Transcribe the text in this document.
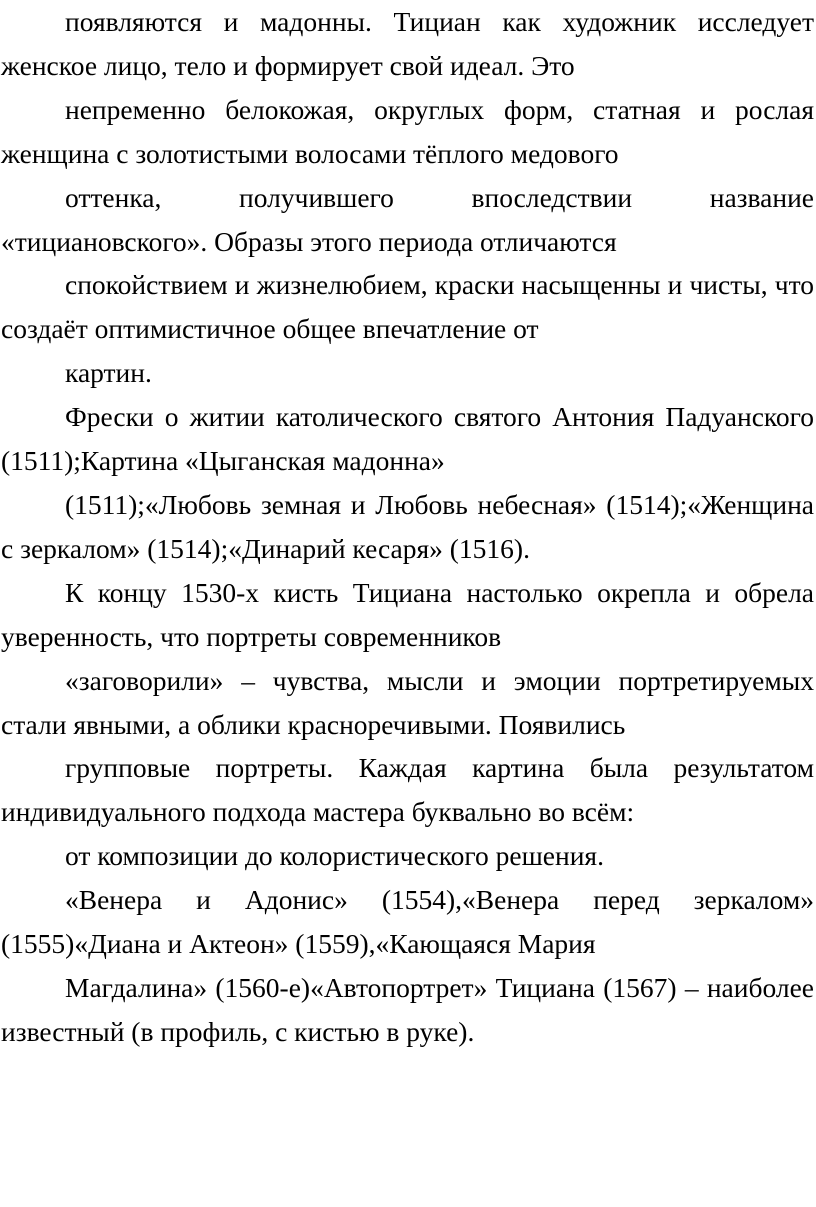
появляются и мадонны. Тициан как художник исследует женское лицо, тело и формирует свой идеал. Это

непременно белокожая, округлых форм, статная и рослая женщина с золотистыми волосами тёплого медового

оттенка, получившего впоследствии название «тициановского». Образы этого периода отличаются

спокойствием и жизнелюбием, краски насыщенны и чисты, что создаёт оптимистичное общее впечатление от

картин.

Фрески о житии католического святого Антония Падуанского (1511);Картина «Цыганская мадонна»

(1511);«Любовь земная и Любовь небесная» (1514);«Женщина с зеркалом» (1514);«Динарий кесаря» (1516).

К концу 1530-х кисть Тициана настолько окрепла и обрела уверенность, что портреты современников

«заговорили» – чувства, мысли и эмоции портретируемых стали явными, а облики красноречивыми. Появились

групповые портреты. Каждая картина была результатом индивидуального подхода мастера буквально во всём:

от композиции до колористического решения.

«Венера и Адонис» (1554),«Венера перед зеркалом» (1555)«Диана и Актеон» (1559),«Кающаяся Мария

Магдалина» (1560-е)«Автопортрет» Тициана (1567) – наиболее известный (в профиль, с кистью в руке).
